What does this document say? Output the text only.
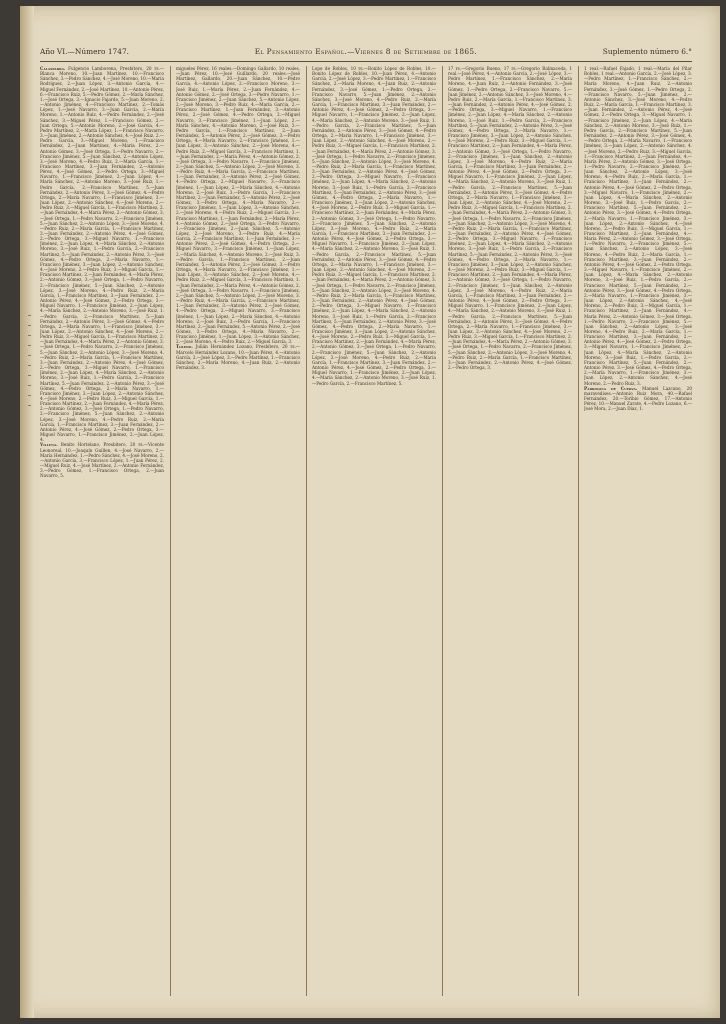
Año VI.—Número 1747.	El Pensamiento Español.—Viernes 8 de Setiembre de 1865.	Suplemento número 6.°

Calasparra. Fulgencio Lamborena, Presbítero, 20 rs.—Blanca Moreno, 10.—Juan Martínez, 10.—Francisco Sánchez, 3.—Pedro Sánchez, 4.—José Moreno, 10.—María Rodríguez, 2.—Juan López, 3.—Antonio García, 4.—Miguel Fernández, 2.—José Martínez, 10.—Antonio Pérez, 6.—Francisco Ruiz, 5.—Pedro Gómez, 2.—María Sánchez, 1.—José Ortega, 3.—Ignacio Fajardo, 5.—Juan Moreno, 2.—Antonio Jiménez, 4.—Francisco Martínez, 2.—Tomás López, 1.—José Navarro, 3.—Juan García, 2.—María Moreno, 1.—Antonio Ruiz, 4.—Pedro Fernández, 2.—José Sánchez, 3.—Miguel Pérez, 1.—Francisco Gómez, 2.—Juan Ortega, 5.—Antonio Moreno, 2.—José García, 4.—Pedro Martínez, 2.—María López, 1.—Francisco Navarro, 3.—Juan Jiménez, 2.—Antonio Sánchez, 4.—José Ruiz, 2.—Pedro García, 3.—Miguel Moreno, 1.—Francisco Fernández, 2.—Juan Martínez, 4.—María Pérez, 2.—Antonio Gómez, 3.—José Ortega, 1.—Pedro Navarro, 2.—Francisco Jiménez, 5.—Juan Sánchez, 2.—Antonio López, 3.—José Moreno, 4.—Pedro Ruiz, 2.—María García, 1.—Francisco Martínez, 3.—Juan Fernández, 2.—Antonio Pérez, 4.—José Gómez, 2.—Pedro Ortega, 3.—Miguel Navarro, 1.—Francisco Jiménez, 2.—Juan López, 4.—María Sánchez, 2.—Antonio Moreno, 3.—José Ruiz, 1.—Pedro García, 2.—Francisco Martínez, 5.—Juan Fernández, 2.—Antonio Pérez, 3.—José Gómez, 4.—Pedro Ortega, 2.—María Navarro, 1.—Francisco Jiménez, 3.—Juan López, 2.—Antonio Sánchez, 4.—José Moreno, 2.—Pedro Ruiz, 3.—Miguel García, 1.—Francisco Martínez, 2.—Juan Fernández, 4.—María Pérez, 2.—Antonio Gómez, 3.—José Ortega, 1.—Pedro Navarro, 2.—Francisco Jiménez, 5.—Juan Sánchez, 2.—Antonio López, 3.—José Moreno, 4.—Pedro Ruiz, 2.—María García, 1.—Francisco Martínez, 3.—Juan Fernández, 2.—Antonio Pérez, 4.—José Gómez, 2.—Pedro Ortega, 3.—Miguel Navarro, 1.—Francisco Jiménez, 2.—Juan López, 4.—María Sánchez, 2.—Antonio Moreno, 3.—José Ruiz, 1.—Pedro García, 2.—Francisco Martínez, 5.—Juan Fernández, 2.—Antonio Pérez, 3.—José Gómez, 4.—Pedro Ortega, 2.—María Navarro, 1.—Francisco Jiménez, 3.—Juan López, 2.—Antonio Sánchez, 4.—José Moreno, 2.—Pedro Ruiz, 3.—Miguel García, 1.—Francisco Martínez, 2.—Juan Fernández, 4.—María Pérez, 2.—Antonio Gómez, 3.—José Ortega, 1.—Pedro Navarro, 2.—Francisco Jiménez, 5.—Juan Sánchez, 2.—Antonio López, 3.—José Moreno, 4.—Pedro Ruiz, 2.—María García, 1.—Francisco Martínez, 3.—Juan Fernández, 2.—Antonio Pérez, 4.—José Gómez, 2.—Pedro Ortega, 3.—Miguel Navarro, 1.—Francisco Jiménez, 2.—Juan López, 4.—María Sánchez, 2.—Antonio Moreno, 3.—José Ruiz, 1.—Pedro García, 2.—Francisco Martínez, 5.—Juan Fernández, 2.—Antonio Pérez, 3.—José Gómez, 4.—Pedro Ortega, 2.—María Navarro, 1.—Francisco Jiménez, 3.—Juan López, 2.—Antonio Sánchez, 4.—José Moreno, 2.—Pedro Ruiz, 3.—Miguel García, 1.—Francisco Martínez, 2.—Juan Fernández, 4.—María Pérez, 2.—Antonio Gómez, 3.—José Ortega, 1.—Pedro Navarro, 2.—Francisco Jiménez, 5.—Juan Sánchez, 2.—Antonio López, 3.—José Moreno, 4.—Pedro Ruiz, 2.—María García, 1.—Francisco Martínez, 3.—Juan Fernández, 2.—Antonio Pérez, 4.—José Gómez, 2.—Pedro Ortega, 3.—Miguel Navarro, 1.—Francisco Jiménez, 2.—Juan López, 4.—María Sánchez, 2.—Antonio Moreno, 3.—José Ruiz, 1.—Pedro García, 2.—Francisco Martínez, 5.—Juan Fernández, 2.—Antonio Pérez, 3.—José Gómez, 4.—Pedro Ortega, 2.—María Navarro, 1.—Francisco Jiménez, 3.—Juan López, 2.—Antonio Sánchez, 4.—José Moreno, 2.—Pedro Ruiz, 3.—Miguel García, 1.—Francisco Martínez, 2.—Juan Fernández, 4.—María Pérez, 2.—Antonio Gómez, 3.—José Ortega, 1.—Pedro Navarro, 2.—Francisco Jiménez, 5.—Juan Sánchez, 2.—Antonio López, 3.—José Moreno, 4.—Pedro Ruiz, 2.—María García, 1.—Francisco Martínez, 3.—Juan Fernández, 2.—Antonio Pérez, 4.—José Gómez, 2.—Pedro Ortega, 3.—Miguel Navarro, 1.—Francisco Jiménez, 2.—Juan López, 4.

Villena. Benito Hortelano, Presbítero, 20 rs.—Vicente Leonoreal, 10.—Joaquín Guillen, 4.—José Navarro, 2.—María Hernández, 1.—Pedro Sánchez, 4.—José Moreno, 2.—Antonio García, 3.—Francisco López, 1.—Juan Pérez, 2.—Miguel Ruiz, 4.—José Martínez, 2.—Antonio Fernández, 3.—Pedro Gómez, 1.—Francisco Ortega, 2.—Juan Navarro, 5.

migueles Pérez, 16 reales.—Domingo Gallardo, 10 reales.—Juan Pérez, 10.—José Guillardo, 20 reales.—José Martínez, Gallardo, 20.—Juan Sánchez, 10.—Pedro García, 4.—Antonio López, 2.—Francisco Moreno, 3.—José Ruiz, 1.—María Pérez, 2.—Juan Fernández, 4.—Antonio Gómez, 2.—José Ortega, 3.—Pedro Navarro, 1.—Francisco Jiménez, 2.—Juan Sánchez, 5.—Antonio López, 2.—José Moreno, 3.—Pedro Ruiz, 4.—María García, 2.—Francisco Martínez, 1.—Juan Fernández, 3.—Antonio Pérez, 2.—José Gómez, 4.—Pedro Ortega, 2.—Miguel Navarro, 3.—Francisco Jiménez, 1.—Juan López, 2.—María Sánchez, 4.—Antonio Moreno, 2.—José Ruiz, 3.—Pedro García, 1.—Francisco Martínez, 2.—Juan Fernández, 5.—Antonio Pérez, 2.—José Gómez, 3.—Pedro Ortega, 4.—María Navarro, 2.—Francisco Jiménez, 1.—Juan López, 3.—Antonio Sánchez, 2.—José Moreno, 4.—Pedro Ruiz, 2.—Miguel García, 3.—Francisco Martínez, 1.—Juan Fernández, 2.—María Pérez, 4.—Antonio Gómez, 2.—José Ortega, 3.—Pedro Navarro, 1.—Francisco Jiménez, 2.—Juan Sánchez, 5.—Antonio López, 2.—José Moreno, 3.—Pedro Ruiz, 4.—María García, 2.—Francisco Martínez, 1.—Juan Fernández, 3.—Antonio Pérez, 2.—José Gómez, 4.—Pedro Ortega, 2.—Miguel Navarro, 3.—Francisco Jiménez, 1.—Juan López, 2.—María Sánchez, 4.—Antonio Moreno, 2.—José Ruiz, 3.—Pedro García, 1.—Francisco Martínez, 2.—Juan Fernández, 5.—Antonio Pérez, 2.—José Gómez, 3.—Pedro Ortega, 4.—María Navarro, 2.—Francisco Jiménez, 1.—Juan López, 3.—Antonio Sánchez, 2.—José Moreno, 4.—Pedro Ruiz, 2.—Miguel García, 3.—Francisco Martínez, 1.—Juan Fernández, 2.—María Pérez, 4.—Antonio Gómez, 2.—José Ortega, 3.—Pedro Navarro, 1.—Francisco Jiménez, 2.—Juan Sánchez, 5.—Antonio López, 2.—José Moreno, 3.—Pedro Ruiz, 4.—María García, 2.—Francisco Martínez, 1.—Juan Fernández, 3.—Antonio Pérez, 2.—José Gómez, 4.—Pedro Ortega, 2.—Miguel Navarro, 3.—Francisco Jiménez, 1.—Juan López, 2.—María Sánchez, 4.—Antonio Moreno, 2.—José Ruiz, 3.—Pedro García, 1.—Francisco Martínez, 2.—Juan Fernández, 5.—Antonio Pérez, 2.—José Gómez, 3.—Pedro Ortega, 4.—María Navarro, 2.—Francisco Jiménez, 1.—Juan López, 3.—Antonio Sánchez, 2.—José Moreno, 4.—Pedro Ruiz, 2.—Miguel García, 3.—Francisco Martínez, 1.—Juan Fernández, 2.—María Pérez, 4.—Antonio Gómez, 2.—José Ortega, 3.—Pedro Navarro, 1.—Francisco Jiménez, 2.—Juan Sánchez, 5.—Antonio López, 2.—José Moreno, 3.—Pedro Ruiz, 4.—María García, 2.—Francisco Martínez, 1.—Juan Fernández, 3.—Antonio Pérez, 2.—José Gómez, 4.—Pedro Ortega, 2.—Miguel Navarro, 3.—Francisco Jiménez, 1.—Juan López, 2.—María Sánchez, 4.—Antonio Moreno, 2.—José Ruiz, 3.—Pedro García, 1.—Francisco Martínez, 2.—Juan Fernández, 5.—Antonio Pérez, 2.—José Gómez, 3.—Pedro Ortega, 4.—María Navarro, 2.—Francisco Jiménez, 1.—Juan López, 3.—Antonio Sánchez, 2.—José Moreno, 4.—Pedro Ruiz, 2.—Miguel García, 3.

Toledo. Julián Hernández Lozano, Presbítero, 20 rs.—Marcelo Hernández Lozano, 10.—Juan Pérez, 4.—Antonio García, 2.—José López, 3.—Pedro Martínez, 1.—Francisco Sánchez, 2.—María Moreno, 4.—Juan Ruiz, 2.—Antonio Fernández, 3.

Lope de Robles, 10 rs.—Bonito López de Robles, 10.—Bonito López de Robles, 10.—Juan Pérez, 4.—Antonio García, 2.—José López, 3.—Pedro Martínez, 1.—Francisco Sánchez, 2.—María Moreno, 4.—Juan Ruiz, 2.—Antonio Fernández, 3.—José Gómez, 1.—Pedro Ortega, 2.—Francisco Navarro, 5.—Juan Jiménez, 2.—Antonio Sánchez, 3.—José Moreno, 4.—Pedro Ruiz, 2.—María García, 1.—Francisco Martínez, 3.—Juan Fernández, 2.—Antonio Pérez, 4.—José Gómez, 2.—Pedro Ortega, 3.—Miguel Navarro, 1.—Francisco Jiménez, 2.—Juan López, 4.—María Sánchez, 2.—Antonio Moreno, 3.—José Ruiz, 1.—Pedro García, 2.—Francisco Martínez, 5.—Juan Fernández, 2.—Antonio Pérez, 3.—José Gómez, 4.—Pedro Ortega, 2.—María Navarro, 1.—Francisco Jiménez, 3.—Juan López, 2.—Antonio Sánchez, 4.—José Moreno, 2.—Pedro Ruiz, 3.—Miguel García, 1.—Francisco Martínez, 2.—Juan Fernández, 4.—María Pérez, 2.—Antonio Gómez, 3.—José Ortega, 1.—Pedro Navarro, 2.—Francisco Jiménez, 5.—Juan Sánchez, 2.—Antonio López, 3.—José Moreno, 4.—Pedro Ruiz, 2.—María García, 1.—Francisco Martínez, 3.—Juan Fernández, 2.—Antonio Pérez, 4.—José Gómez, 2.—Pedro Ortega, 3.—Miguel Navarro, 1.—Francisco Jiménez, 2.—Juan López, 4.—María Sánchez, 2.—Antonio Moreno, 3.—José Ruiz, 1.—Pedro García, 2.—Francisco Martínez, 5.—Juan Fernández, 2.—Antonio Pérez, 3.—José Gómez, 4.—Pedro Ortega, 2.—María Navarro, 1.—Francisco Jiménez, 3.—Juan López, 2.—Antonio Sánchez, 4.—José Moreno, 2.—Pedro Ruiz, 3.—Miguel García, 1.—Francisco Martínez, 2.—Juan Fernández, 4.—María Pérez, 2.—Antonio Gómez, 3.—José Ortega, 1.—Pedro Navarro, 2.—Francisco Jiménez, 5.—Juan Sánchez, 2.—Antonio López, 3.—José Moreno, 4.—Pedro Ruiz, 2.—María García, 1.—Francisco Martínez, 3.—Juan Fernández, 2.—Antonio Pérez, 4.—José Gómez, 2.—Pedro Ortega, 3.—Miguel Navarro, 1.—Francisco Jiménez, 2.—Juan López, 4.—María Sánchez, 2.—Antonio Moreno, 3.—José Ruiz, 1.—Pedro García, 2.—Francisco Martínez, 5.—Juan Fernández, 2.—Antonio Pérez, 3.—José Gómez, 4.—Pedro Ortega, 2.—María Navarro, 1.—Francisco Jiménez, 3.—Juan López, 2.—Antonio Sánchez, 4.—José Moreno, 2.—Pedro Ruiz, 3.—Miguel García, 1.—Francisco Martínez, 2.—Juan Fernández, 4.—María Pérez, 2.—Antonio Gómez, 3.—José Ortega, 1.—Pedro Navarro, 2.—Francisco Jiménez, 5.—Juan Sánchez, 2.—Antonio López, 3.—José Moreno, 4.—Pedro Ruiz, 2.—María García, 1.—Francisco Martínez, 3.—Juan Fernández, 2.—Antonio Pérez, 4.—José Gómez, 2.—Pedro Ortega, 3.—Miguel Navarro, 1.—Francisco Jiménez, 2.—Juan López, 4.—María Sánchez, 2.—Antonio Moreno, 3.—José Ruiz, 1.—Pedro García, 2.—Francisco Martínez, 5.—Juan Fernández, 2.—Antonio Pérez, 3.—José Gómez, 4.—Pedro Ortega, 2.—María Navarro, 1.—Francisco Jiménez, 3.—Juan López, 2.—Antonio Sánchez, 4.—José Moreno, 2.—Pedro Ruiz, 3.—Miguel García, 1.—Francisco Martínez, 2.—Juan Fernández, 4.—María Pérez, 2.—Antonio Gómez, 3.—José Ortega, 1.—Pedro Navarro, 2.—Francisco Jiménez, 5.—Juan Sánchez, 2.—Antonio López, 3.—José Moreno, 4.—Pedro Ruiz, 2.—María García, 1.—Francisco Martínez, 3.—Juan Fernández, 2.—Antonio Pérez, 4.—José Gómez, 2.—Pedro Ortega, 3.—Miguel Navarro, 1.—Francisco Jiménez, 2.—Juan López, 4.—María Sánchez, 2.—Antonio Moreno, 3.—José Ruiz, 1.—Pedro García, 2.—Francisco Martínez, 5.

17 rs.—Gregorio Bueno, 17 rs.—Gregorio Balmaceda, 1 real.—José Pérez, 4.—Antonio García, 2.—José López, 3.—Pedro Martínez, 1.—Francisco Sánchez, 2.—María Moreno, 4.—Juan Ruiz, 2.—Antonio Fernández, 3.—José Gómez, 1.—Pedro Ortega, 2.—Francisco Navarro, 5.—Juan Jiménez, 2.—Antonio Sánchez, 3.—José Moreno, 4.—Pedro Ruiz, 2.—María García, 1.—Francisco Martínez, 3.—Juan Fernández, 2.—Antonio Pérez, 4.—José Gómez, 2.—Pedro Ortega, 3.—Miguel Navarro, 1.—Francisco Jiménez, 2.—Juan López, 4.—María Sánchez, 2.—Antonio Moreno, 3.—José Ruiz, 1.—Pedro García, 2.—Francisco Martínez, 5.—Juan Fernández, 2.—Antonio Pérez, 3.—José Gómez, 4.—Pedro Ortega, 2.—María Navarro, 1.—Francisco Jiménez, 3.—Juan López, 2.—Antonio Sánchez, 4.—José Moreno, 2.—Pedro Ruiz, 3.—Miguel García, 1.—Francisco Martínez, 2.—Juan Fernández, 4.—María Pérez, 2.—Antonio Gómez, 3.—José Ortega, 1.—Pedro Navarro, 2.—Francisco Jiménez, 5.—Juan Sánchez, 2.—Antonio López, 3.—José Moreno, 4.—Pedro Ruiz, 2.—María García, 1.—Francisco Martínez, 3.—Juan Fernández, 2.—Antonio Pérez, 4.—José Gómez, 2.—Pedro Ortega, 3.—Miguel Navarro, 1.—Francisco Jiménez, 2.—Juan López, 4.—María Sánchez, 2.—Antonio Moreno, 3.—José Ruiz, 1.—Pedro García, 2.—Francisco Martínez, 5.—Juan Fernández, 2.—Antonio Pérez, 3.—José Gómez, 4.—Pedro Ortega, 2.—María Navarro, 1.—Francisco Jiménez, 3.—Juan López, 2.—Antonio Sánchez, 4.—José Moreno, 2.—Pedro Ruiz, 3.—Miguel García, 1.—Francisco Martínez, 2.—Juan Fernández, 4.—María Pérez, 2.—Antonio Gómez, 3.—José Ortega, 1.—Pedro Navarro, 2.—Francisco Jiménez, 5.—Juan Sánchez, 2.—Antonio López, 3.—José Moreno, 4.—Pedro Ruiz, 2.—María García, 1.—Francisco Martínez, 3.—Juan Fernández, 2.—Antonio Pérez, 4.—José Gómez, 2.—Pedro Ortega, 3.—Miguel Navarro, 1.—Francisco Jiménez, 2.—Juan López, 4.—María Sánchez, 2.—Antonio Moreno, 3.—José Ruiz, 1.—Pedro García, 2.—Francisco Martínez, 5.—Juan Fernández, 2.—Antonio Pérez, 3.—José Gómez, 4.—Pedro Ortega, 2.—María Navarro, 1.—Francisco Jiménez, 3.—Juan López, 2.—Antonio Sánchez, 4.—José Moreno, 2.—Pedro Ruiz, 3.—Miguel García, 1.—Francisco Martínez, 2.—Juan Fernández, 4.—María Pérez, 2.—Antonio Gómez, 3.—José Ortega, 1.—Pedro Navarro, 2.—Francisco Jiménez, 5.—Juan Sánchez, 2.—Antonio López, 3.—José Moreno, 4.—Pedro Ruiz, 2.—María García, 1.—Francisco Martínez, 3.—Juan Fernández, 2.—Antonio Pérez, 4.—José Gómez, 2.—Pedro Ortega, 3.—Miguel Navarro, 1.—Francisco Jiménez, 2.—Juan López, 4.—María Sánchez, 2.—Antonio Moreno, 3.—José Ruiz, 1.—Pedro García, 2.—Francisco Martínez, 5.—Juan Fernández, 2.—Antonio Pérez, 3.—José Gómez, 4.—Pedro Ortega, 2.—María Navarro, 1.—Francisco Jiménez, 3.—Juan López, 2.—Antonio Sánchez, 4.—José Moreno, 2.—Pedro Ruiz, 3.—Miguel García, 1.—Francisco Martínez, 2.—Juan Fernández, 4.—María Pérez, 2.—Antonio Gómez, 3.—José Ortega, 1.—Pedro Navarro, 2.—Francisco Jiménez, 5.—Juan Sánchez, 2.—Antonio López, 3.—José Moreno, 4.—Pedro Ruiz, 2.—María García, 1.—Francisco Martínez, 3.—Juan Fernández, 2.—Antonio Pérez, 4.—José Gómez, 2.—Pedro Ortega, 3.

1 real.—Rafael Fajado, 1 real.—María del Pilar Robles, 1 real.—Antonio García, 2.—José López, 3.—Pedro Martínez, 1.—Francisco Sánchez, 2.—María Moreno, 4.—Juan Ruiz, 2.—Antonio Fernández, 3.—José Gómez, 1.—Pedro Ortega, 2.—Francisco Navarro, 5.—Juan Jiménez, 2.—Antonio Sánchez, 3.—José Moreno, 4.—Pedro Ruiz, 2.—María García, 1.—Francisco Martínez, 3.—Juan Fernández, 2.—Antonio Pérez, 4.—José Gómez, 2.—Pedro Ortega, 3.—Miguel Navarro, 1.—Francisco Jiménez, 2.—Juan López, 4.—María Sánchez, 2.—Antonio Moreno, 3.—José Ruiz, 1.—Pedro García, 2.—Francisco Martínez, 5.—Juan Fernández, 2.—Antonio Pérez, 3.—José Gómez, 4.—Pedro Ortega, 2.—María Navarro, 1.—Francisco Jiménez, 3.—Juan López, 2.—Antonio Sánchez, 4.—José Moreno, 2.—Pedro Ruiz, 3.—Miguel García, 1.—Francisco Martínez, 2.—Juan Fernández, 4.—María Pérez, 2.—Antonio Gómez, 3.—José Ortega, 1.—Pedro Navarro, 2.—Francisco Jiménez, 5.—Juan Sánchez, 2.—Antonio López, 3.—José Moreno, 4.—Pedro Ruiz, 2.—María García, 1.—Francisco Martínez, 3.—Juan Fernández, 2.—Antonio Pérez, 4.—José Gómez, 2.—Pedro Ortega, 3.—Miguel Navarro, 1.—Francisco Jiménez, 2.—Juan López, 4.—María Sánchez, 2.—Antonio Moreno, 3.—José Ruiz, 1.—Pedro García, 2.—Francisco Martínez, 5.—Juan Fernández, 2.—Antonio Pérez, 3.—José Gómez, 4.—Pedro Ortega, 2.—María Navarro, 1.—Francisco Jiménez, 3.—Juan López, 2.—Antonio Sánchez, 4.—José Moreno, 2.—Pedro Ruiz, 3.—Miguel García, 1.—Francisco Martínez, 2.—Juan Fernández, 4.—María Pérez, 2.—Antonio Gómez, 3.—José Ortega, 1.—Pedro Navarro, 2.—Francisco Jiménez, 5.—Juan Sánchez, 2.—Antonio López, 3.—José Moreno, 4.—Pedro Ruiz, 2.—María García, 1.—Francisco Martínez, 3.—Juan Fernández, 2.—Antonio Pérez, 4.—José Gómez, 2.—Pedro Ortega, 3.—Miguel Navarro, 1.—Francisco Jiménez, 2.—Juan López, 4.—María Sánchez, 2.—Antonio Moreno, 3.—José Ruiz, 1.—Pedro García, 2.—Francisco Martínez, 5.—Juan Fernández, 2.—Antonio Pérez, 3.—José Gómez, 4.—Pedro Ortega, 2.—María Navarro, 1.—Francisco Jiménez, 3.—Juan López, 2.—Antonio Sánchez, 4.—José Moreno, 2.—Pedro Ruiz, 3.—Miguel García, 1.—Francisco Martínez, 2.—Juan Fernández, 4.—María Pérez, 2.—Antonio Gómez, 3.—José Ortega, 1.—Pedro Navarro, 2.—Francisco Jiménez, 5.—Juan Sánchez, 2.—Antonio López, 3.—José Moreno, 4.—Pedro Ruiz, 2.—María García, 1.—Francisco Martínez, 3.—Juan Fernández, 2.—Antonio Pérez, 4.—José Gómez, 2.—Pedro Ortega, 3.—Miguel Navarro, 1.—Francisco Jiménez, 2.—Juan López, 4.—María Sánchez, 2.—Antonio Moreno, 3.—José Ruiz, 1.—Pedro García, 2.—Francisco Martínez, 5.—Juan Fernández, 2.—Antonio Pérez, 3.—José Gómez, 4.—Pedro Ortega, 2.—María Navarro, 1.—Francisco Jiménez, 3.—Juan López, 2.—Antonio Sánchez, 4.—José Moreno, 2.—Pedro Ruiz, 3.

Parroquia de Cuerva. Manuel Lazcano, 20 maravedises.—Antonio Ruiz Mora, 40.—Rafael Fernández, 20.—Toribio Gómez, 17.—Antonio Pérez, 10.—Manuel Zarate, 4.—Pedro Lozano, 6.—José Mora, 2.—Juan Díaz, 1.
